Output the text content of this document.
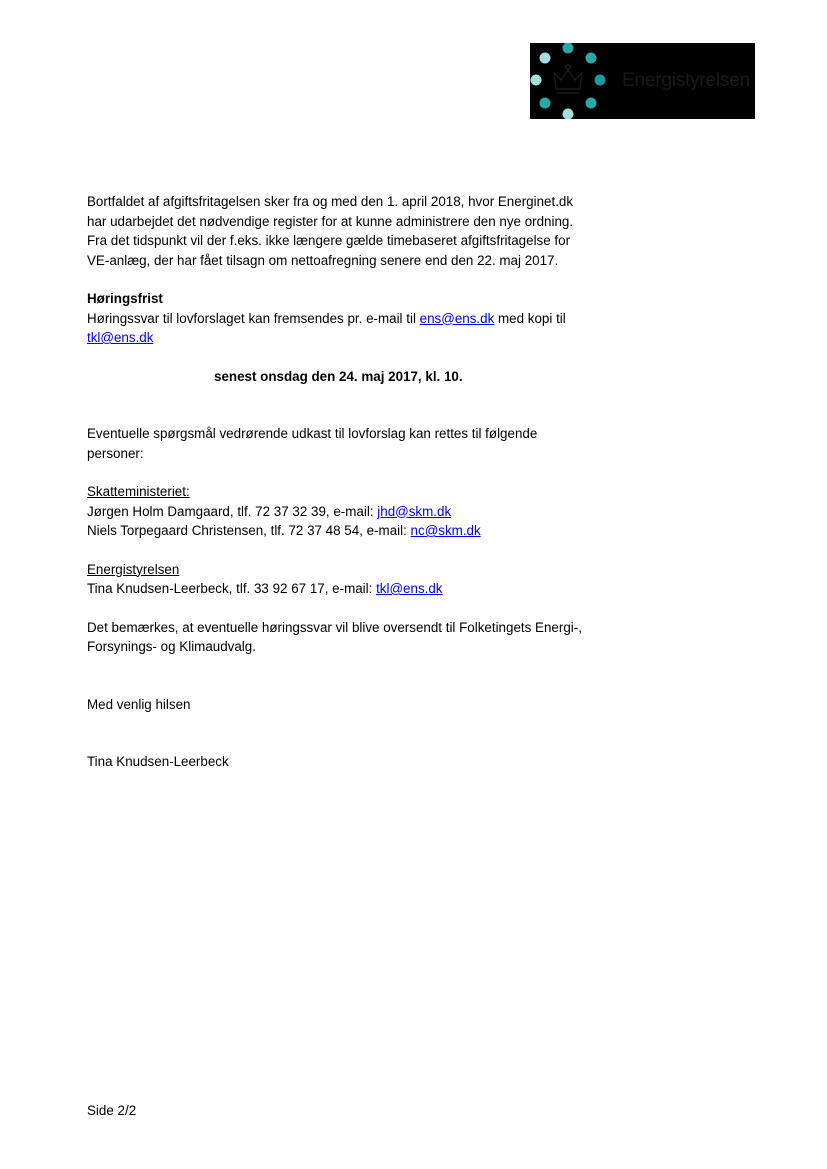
Energistyrelsen
Bortfaldet af afgiftsfritagelsen sker fra og med den 1. april 2018, hvor Energinet.dk
har udarbejdet det nødvendige register for at kunne administrere den nye ordning.
Fra det tidspunkt vil der f.eks. ikke længere gælde timebaseret afgiftsfritagelse for
VE-anlæg, der har fået tilsagn om nettoafregning senere end den 22. maj 2017.
Høringsfrist
Høringssvar til lovforslaget kan fremsendes pr. e-mail til ens@ens.dk med kopi til
tkl@ens.dk
senest onsdag den 24. maj 2017, kl. 10.
Eventuelle spørgsmål vedrørende udkast til lovforslag kan rettes til følgende
personer:
Skatteministeriet:
Jørgen Holm Damgaard, tlf. 72 37 32 39, e-mail: jhd@skm.dk
Niels Torpegaard Christensen, tlf. 72 37 48 54, e-mail: nc@skm.dk
Energistyrelsen
Tina Knudsen-Leerbeck, tlf. 33 92 67 17, e-mail: tkl@ens.dk
Det bemærkes, at eventuelle høringssvar vil blive oversendt til Folketingets Energi-,
Forsynings- og Klimaudvalg.
Med venlig hilsen
Tina Knudsen-Leerbeck
Side 2/2
